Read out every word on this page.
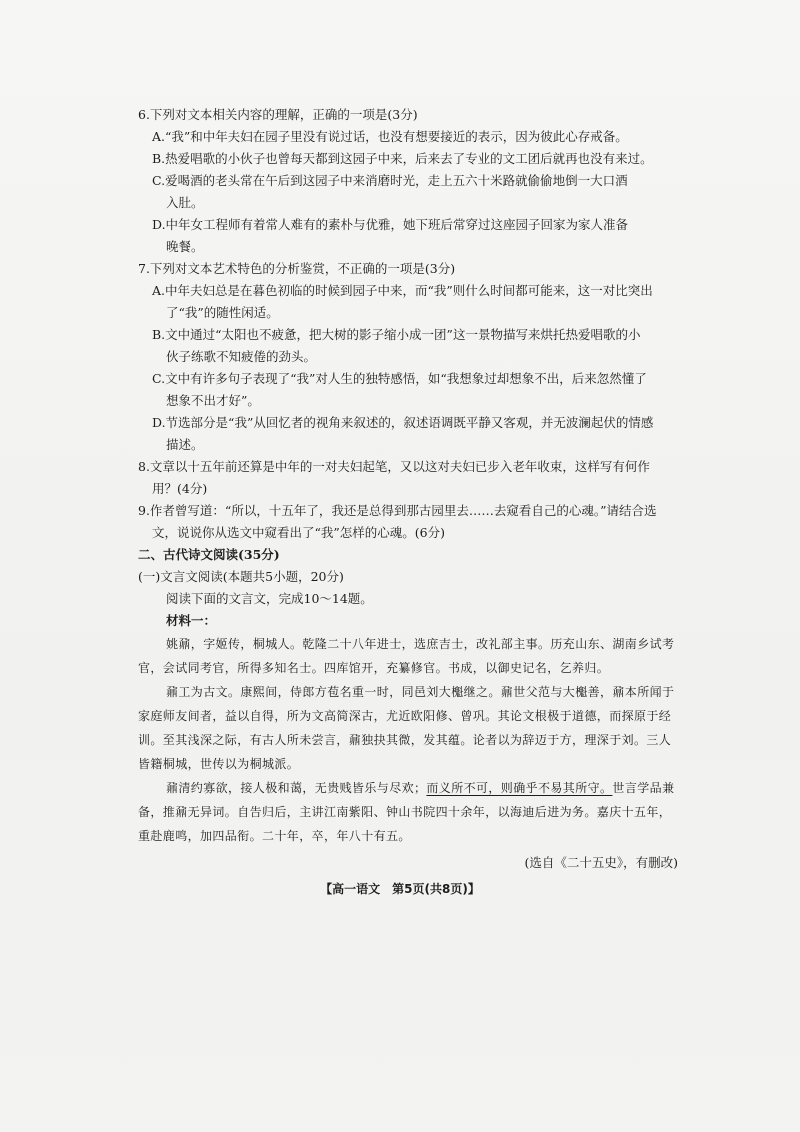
6.下列对文本相关内容的理解，正确的一项是(3分)

A.“我”和中年夫妇在园子里没有说过话，也没有想要接近的表示，因为彼此心存戒备。

B.热爱唱歌的小伙子也曾每天都到这园子中来，后来去了专业的文工团后就再也没有来过。

C.爱喝酒的老头常在午后到这园子中来消磨时光，走上五六十米路就偷偷地倒一大口酒
入肚。

D.中年女工程师有着常人难有的素朴与优雅，她下班后常穿过这座园子回家为家人准备
晚餐。

7.下列对文本艺术特色的分析鉴赏，不正确的一项是(3分)

A.中年夫妇总是在暮色初临的时候到园子中来，而“我”则什么时间都可能来，这一对比突出
了“我”的随性闲适。

B.文中通过“太阳也不疲惫，把大树的影子缩小成一团”这一景物描写来烘托热爱唱歌的小
伙子练歌不知疲倦的劲头。

C.文中有许多句子表现了“我”对人生的独特感悟，如“我想象过却想象不出，后来忽然懂了
想象不出才好”。

D.节选部分是“我”从回忆者的视角来叙述的，叙述语调既平静又客观，并无波澜起伏的情感
描述。

8.文章以十五年前还算是中年的一对夫妇起笔，又以这对夫妇已步入老年收束，这样写有何作
用？(4分)

9.作者曾写道：“所以，十五年了，我还是总得到那古园里去……去窥看自己的心魂。”请结合选
文，说说你从选文中窥看出了“我”怎样的心魂。(6分)

二、古代诗文阅读(35分)

(一)文言文阅读(本题共5小题，20分)

阅读下面的文言文，完成10～14题。

材料一：

姚鼐，字姬传，桐城人。乾隆二十八年进士，选庶吉士，改礼部主事。历充山东、湖南乡试考官，会试同考官，所得多知名士。四库馆开，充纂修官。书成，以御史记名，乞养归。

鼐工为古文。康熙间，侍郎方苞名重一时，同邑刘大櫆继之。鼐世父范与大櫆善，鼐本所闻于家庭师友间者，益以自得，所为文高简深古，尤近欧阳修、曾巩。其论文根极于道德，而探原于经训。至其浅深之际，有古人所未尝言，鼐独抉其微，发其蕴。论者以为辞迈于方，理深于刘。三人皆籍桐城，世传以为桐城派。

鼐清约寡欲，接人极和蔼，无贵贱皆乐与尽欢；而义所不可，则确乎不易其所守。世言学品兼备，推鼐无异词。自告归后，主讲江南紫阳、钟山书院四十余年，以海迪后进为务。嘉庆十五年，重赴鹿鸣，加四品衔。二十年，卒，年八十有五。

(选自《二十五史》，有删改)

【高一语文　第5页(共8页)】
